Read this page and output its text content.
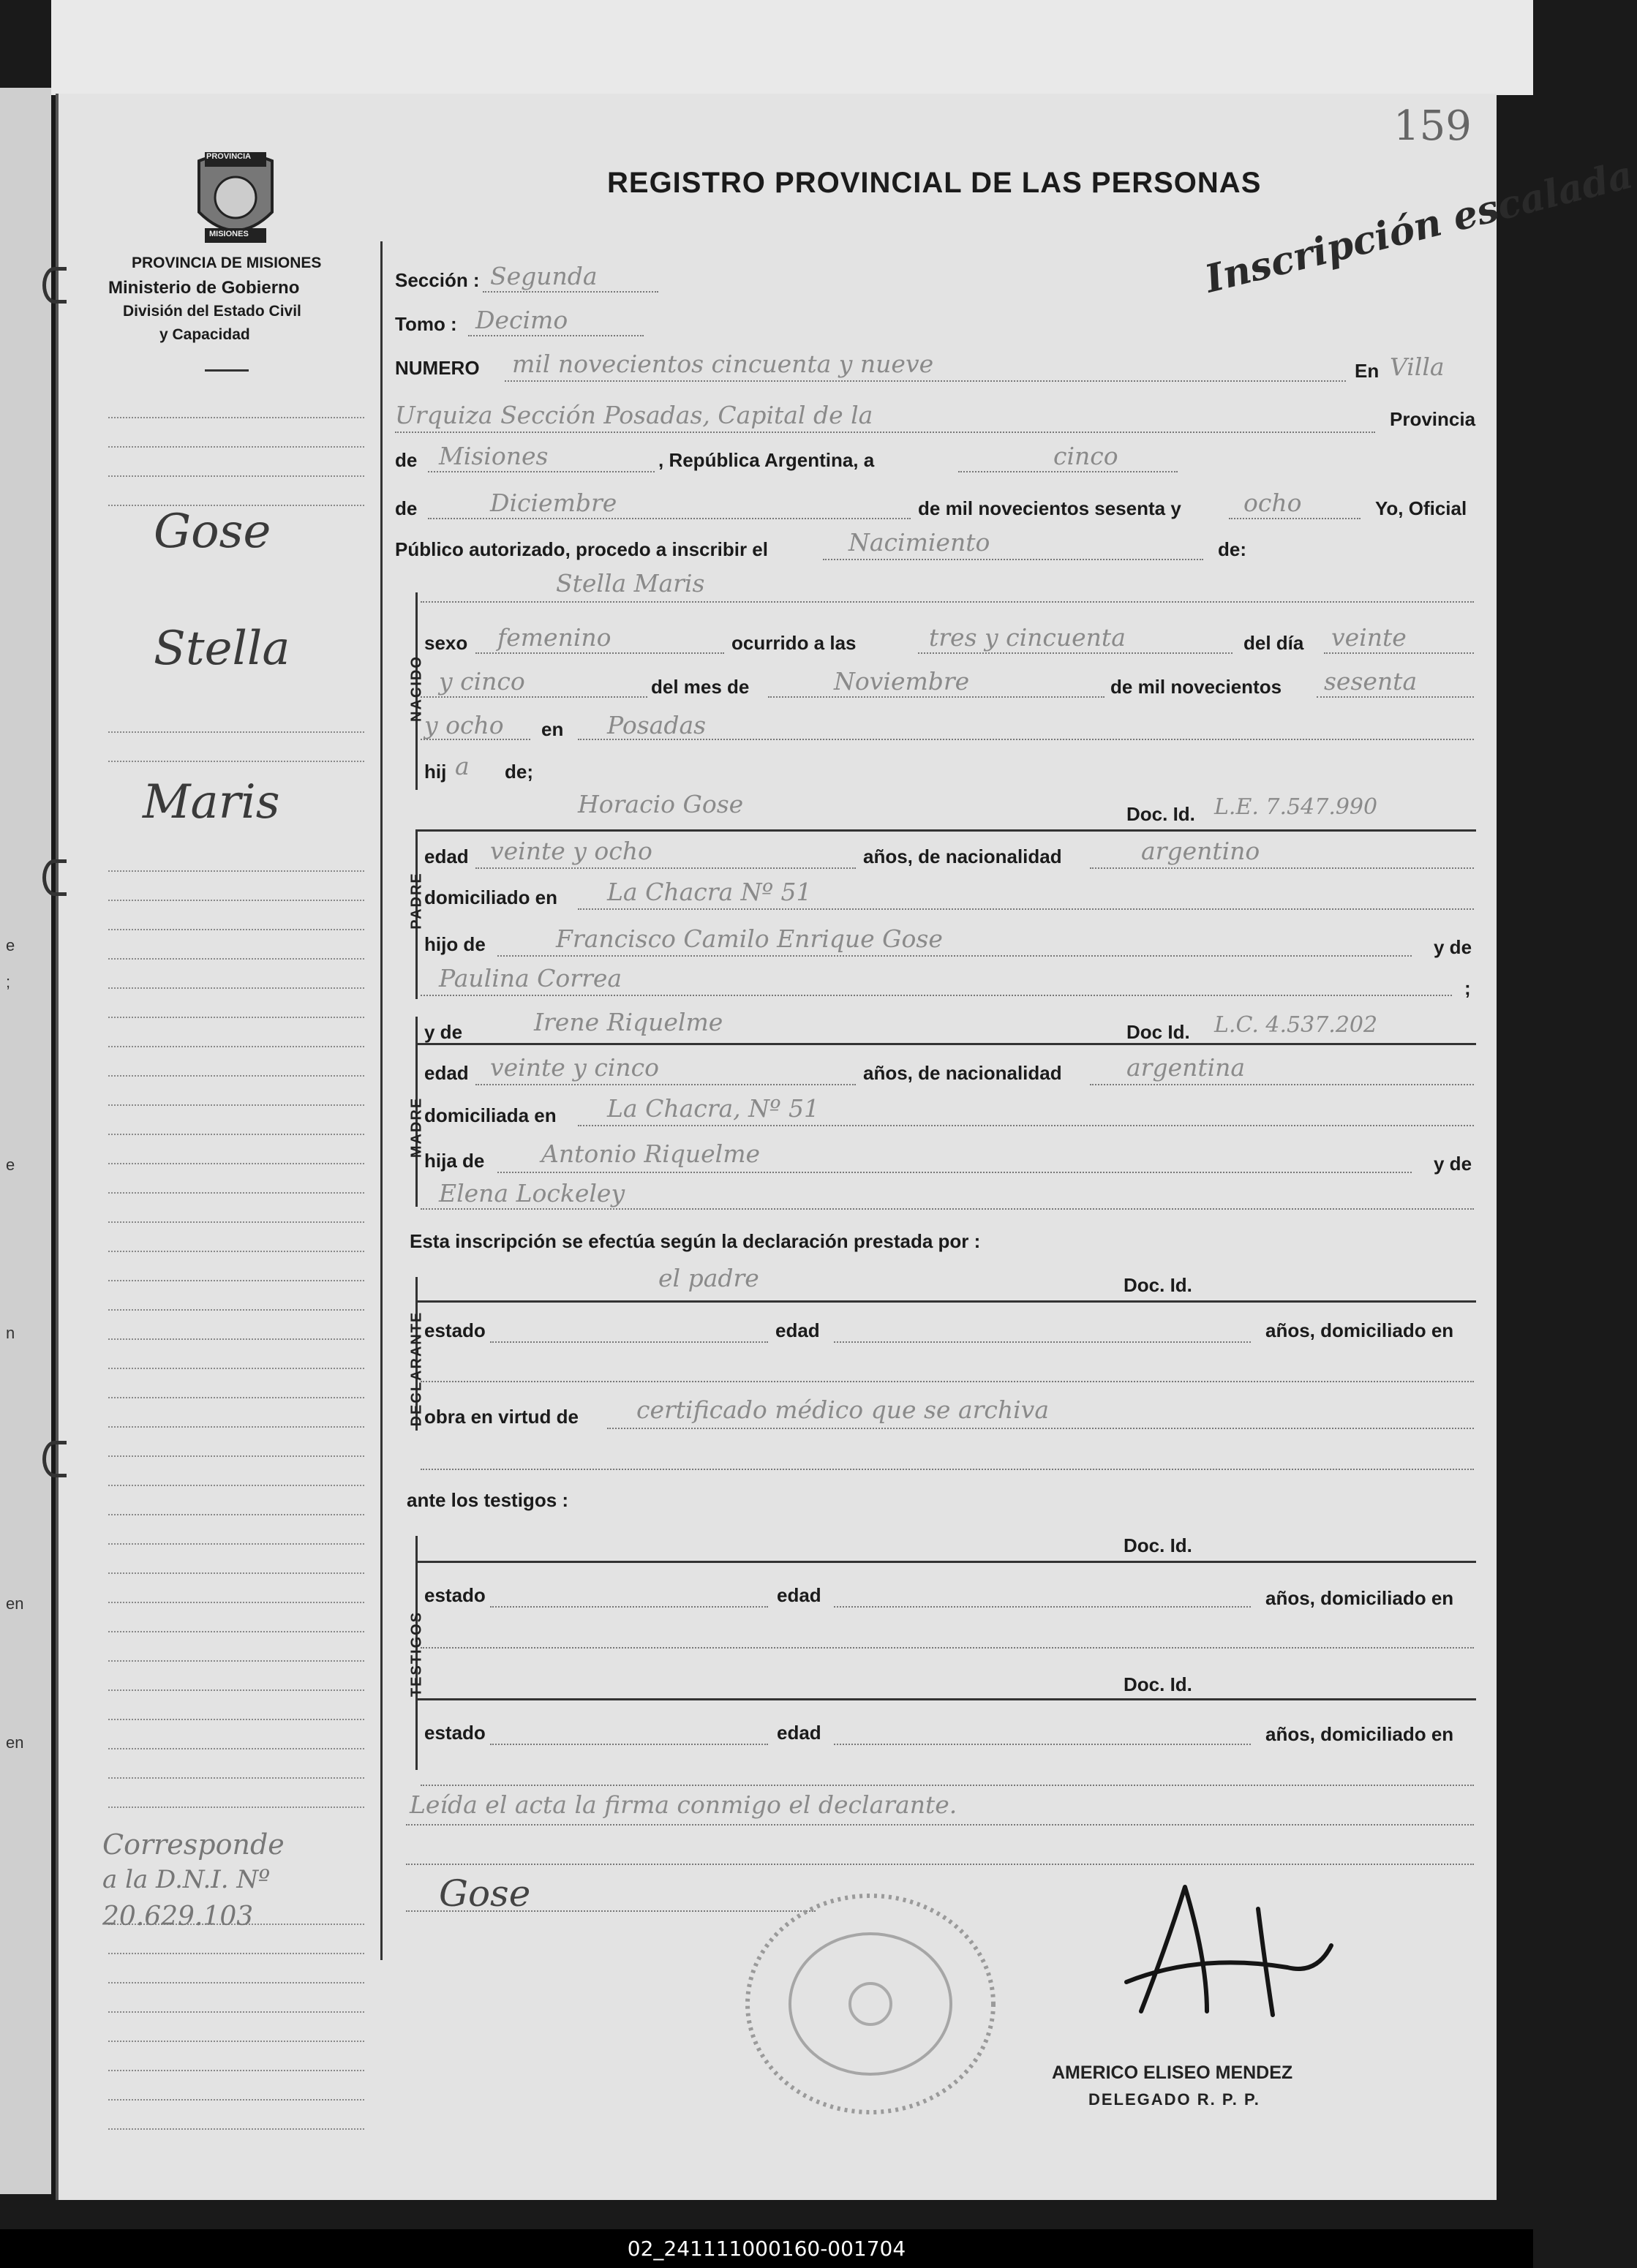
e
;
e
n
en
en
159
PROVINCIA
MISIONES
PROVINCIA DE MISIONES
Ministerio de Gobierno
División del Estado Civil
y Capacidad
REGISTRO PROVINCIAL DE LAS PERSONAS
Inscripción escalada
Gose
Stella
Maris
Corresponde
a la D.N.I. Nº
20.629.103
Sección : Segunda
Tomo : Decimo
NUMERO mil novecientos cincuenta y nueve	En Villa
Urquiza Sección Posadas, Capital de la	Provincia
de Misiones	, República Argentina, a	cinco
de	Diciembre	de mil novecientos sesenta y	ocho	Yo, Oficial
Público autorizado, procedo a inscribir el	Nacimiento	de:
NACIDO
Stella Maris
sexo femenino	ocurrido a las	tres y cincuenta	del día veinte
y cinco	del mes de	Noviembre	de mil novecientos sesenta
y ocho en Posadas
hij a de;
PADRE
Horacio Gose	Doc. Id. L.E. 7.547.990
edad veinte y ocho	años, de nacionalidad	argentino
domiciliado en La Chacra Nº 51
hijo de	Francisco Camilo Enrique Gose	y de
Paulina Correa	;
MADRE
y de	Irene Riquelme	Doc Id. L.C. 4.537.202
edad veinte y cinco	años, de nacionalidad	argentina
domiciliada en La Chacra, Nº 51
hija de Antonio Riquelme	y de
Elena Lockeley
Esta inscripción se efectúa según la declaración prestada por :
DECLARANTE
el padre	Doc. Id.
estado	edad	años, domiciliado en
obra en virtud de certificado médico que se archiva
ante los testigos :
TESTIGOS
Doc. Id.
estado	edad	años, domiciliado en
Doc. Id.
estado	edad	años, domiciliado en
Leída el acta la firma conmigo el declarante.
Gose
AMERICO ELISEO MENDEZ
DELEGADO R. P. P.
02_241111000160-001704
